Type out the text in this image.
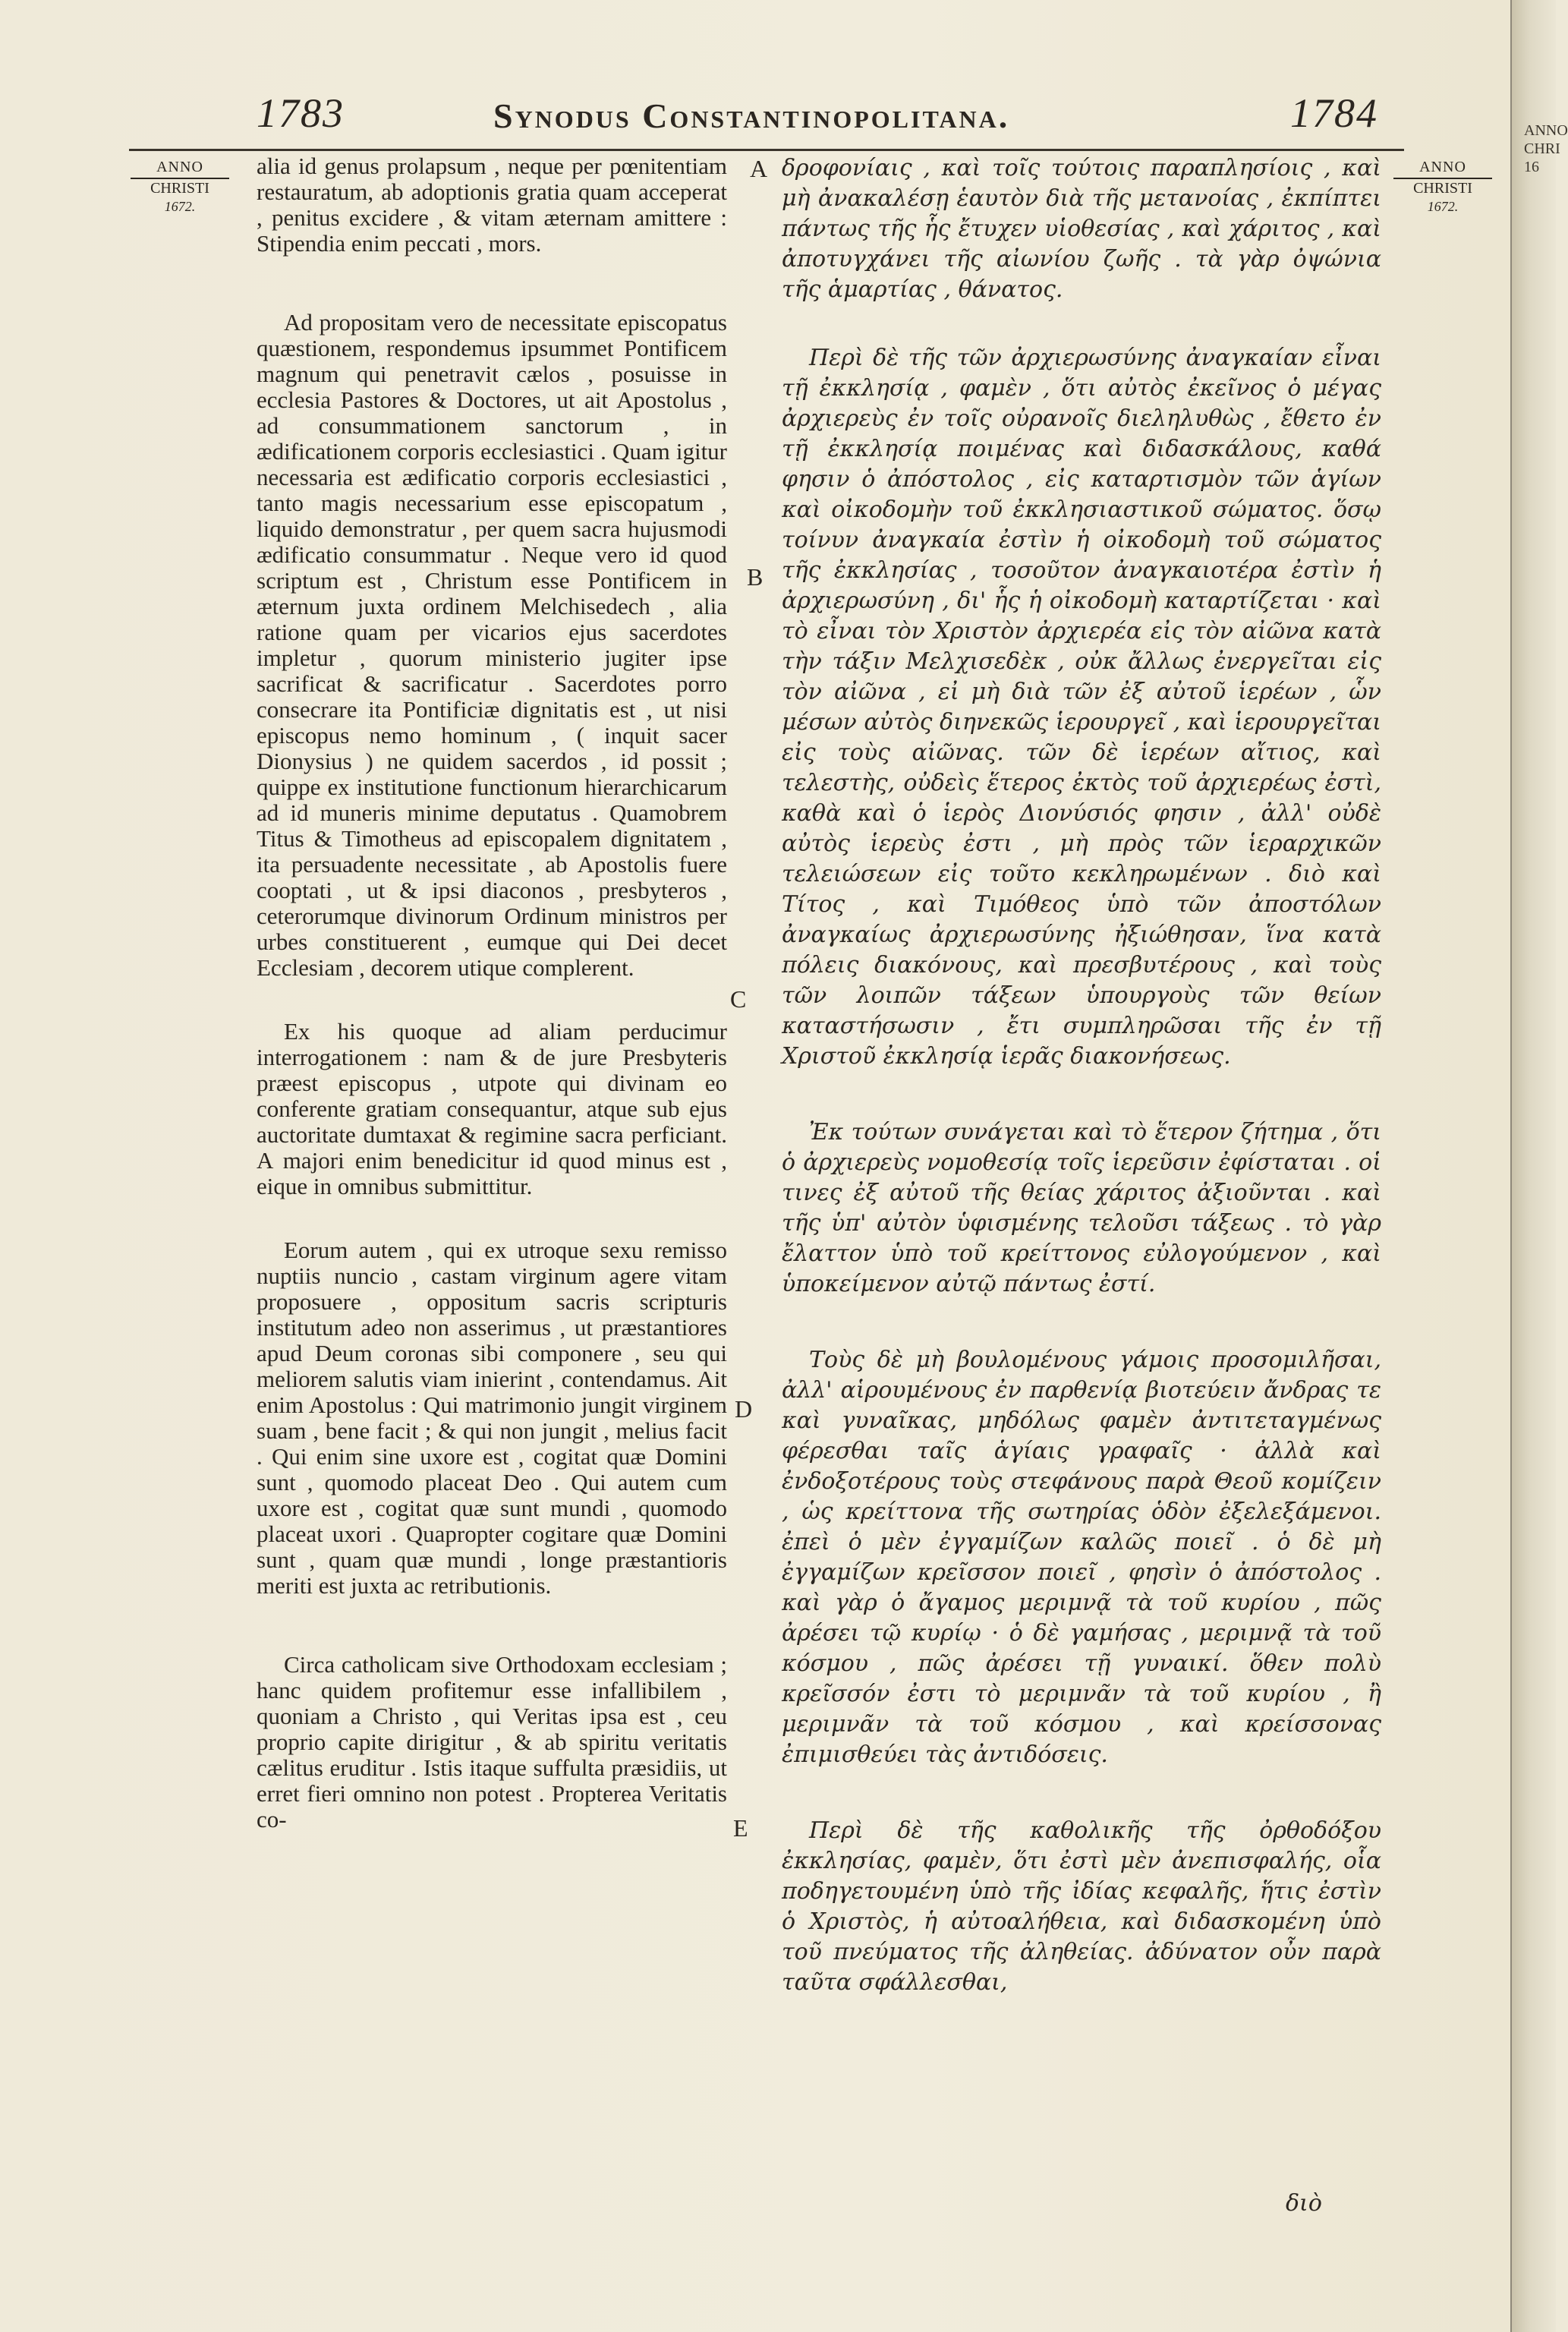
1783	Synodus Constantinopolitana.	1784
ANNO
CHRISTI
1672.
ANNO
CHRISTI
1672.

alia id genus prolapsum , neque per pœnitentiam restauratum, ab adoptionis gratia quam acceperat , penitus excidere , & vitam æternam amittere : Stipendia enim peccati , mors.

Ad propositam vero de necessitate episcopatus quæstionem, respondemus ipsummet Pontificem magnum qui penetravit cælos , posuisse in ecclesia Pastores & Doctores, ut ait Apostolus , ad consummationem sanctorum , in ædificationem corporis ecclesiastici . Quam igitur necessaria est ædificatio corporis ecclesiastici , tanto magis necessarium esse episcopatum , liquido demonstratur , per quem sacra hujusmodi ædificatio consummatur . Neque vero id quod scriptum est , Christum esse Pontificem in æternum juxta ordinem Melchisedech , alia ratione quam per vicarios ejus sacerdotes impletur , quorum ministerio jugiter ipse sacrificat & sacrificatur . Sacerdotes porro consecrare ita Pontificiæ dignitatis est , ut nisi episcopus nemo hominum , ( inquit sacer Dionysius ) ne quidem sacerdos , id possit ; quippe ex institutione functionum hierarchicarum ad id muneris minime deputatus . Quamobrem Titus & Timotheus ad episcopalem dignitatem , ita persuadente necessitate , ab Apostolis fuere cooptati , ut & ipsi diaconos , presbyteros , ceterorumque divinorum Ordinum ministros per urbes constituerent , eumque qui Dei decet Ecclesiam , decorem utique complerent.

Ex his quoque ad aliam perducimur interrogationem : nam & de jure Presbyteris præest episcopus , utpote qui divinam eo conferente gratiam consequantur, atque sub ejus auctoritate dumtaxat & regimine sacra perficiant. A majori enim benedicitur id quod minus est , eique in omnibus submittitur.

Eorum autem , qui ex utroque sexu remisso nuptiis nuncio , castam virginum agere vitam proposuere , oppositum sacris scripturis institutum adeo non asserimus , ut præstantiores apud Deum coronas sibi componere , seu qui meliorem salutis viam inierint , contendamus. Ait enim Apostolus : Qui matrimonio jungit virginem suam , bene facit ; & qui non jungit , melius facit . Qui enim sine uxore est , cogitat quæ Domini sunt , quomodo placeat Deo . Qui autem cum uxore est , cogitat quæ sunt mundi , quomodo placeat uxori . Quapropter cogitare quæ Domini sunt , quam quæ mundi , longe præstantioris meriti est juxta ac retributionis.

Circa catholicam sive Orthodoxam ecclesiam ; hanc quidem profitemur esse infallibilem , quoniam a Christo , qui Veritas ipsa est , ceu proprio capite dirigitur , & ab spiritu veritatis cælitus eruditur . Istis itaque suffulta præsidiis, ut erret fieri omnino non potest . Propterea Veritatis co-

A
B
C
D
E

δροφονίαις , καὶ τοῖς τούτοις παραπλησίοις , καὶ μὴ ἀνακαλέσῃ ἑαυτὸν διὰ τῆς μετανοίας , ἐκπίπτει πάντως τῆς ἧς ἔτυχεν υἱοθεσίας , καὶ χάριτος , καὶ ἀποτυγχάνει τῆς αἰωνίου ζωῆς . τὰ γὰρ ὀψώνια τῆς ἁμαρτίας , θάνατος.

Περὶ δὲ τῆς τῶν ἀρχιερωσύνης ἀναγκαίαν εἶναι τῇ ἐκκλησίᾳ , φαμὲν , ὅτι αὐτὸς ἐκεῖνος ὁ μέγας ἀρχιερεὺς ἐν τοῖς οὐρανοῖς διεληλυθὼς , ἔθετο ἐν τῇ ἐκκλησίᾳ ποιμένας καὶ διδασκάλους, καθά φησιν ὁ ἀπόστολος , εἰς καταρτισμὸν τῶν ἁγίων καὶ οἰκοδομὴν τοῦ ἐκκλησιαστικοῦ σώματος. ὅσῳ τοίνυν ἀναγκαία ἐστὶν ἡ οἰκοδομὴ τοῦ σώματος τῆς ἐκκλησίας , τοσοῦτον ἀναγκαιοτέρα ἐστὶν ἡ ἀρχιερωσύνη , δι' ἧς ἡ οἰκοδομὴ καταρτίζεται · καὶ τὸ εἶναι τὸν Χριστὸν ἀρχιερέα εἰς τὸν αἰῶνα κατὰ τὴν τάξιν Μελχισεδὲκ , οὐκ ἄλλως ἐνεργεῖται εἰς τὸν αἰῶνα , εἰ μὴ διὰ τῶν ἐξ αὐτοῦ ἱερέων , ὧν μέσων αὐτὸς διηνεκῶς ἱερουργεῖ , καὶ ἱερουργεῖται εἰς τοὺς αἰῶνας. τῶν δὲ ἱερέων αἴτιος, καὶ τελεστὴς, οὐδεὶς ἕτερος ἐκτὸς τοῦ ἀρχιερέως ἐστὶ, καθὰ καὶ ὁ ἱερὸς Διονύσιός φησιν , ἀλλ' οὐδὲ αὐτὸς ἱερεὺς ἐστι , μὴ πρὸς τῶν ἱεραρχικῶν τελειώσεων εἰς τοῦτο κεκληρωμένων . διὸ καὶ Τίτος , καὶ Τιμόθεος ὑπὸ τῶν ἀποστόλων ἀναγκαίως ἀρχιερωσύνης ἠξιώθησαν, ἵνα κατὰ πόλεις διακόνους, καὶ πρεσβυτέρους , καὶ τοὺς τῶν λοιπῶν τάξεων ὑπουργοὺς τῶν θείων καταστήσωσιν , ἔτι συμπληρῶσαι τῆς ἐν τῇ Χριστοῦ ἐκκλησίᾳ ἱερᾶς διακονήσεως.

Ἐκ τούτων συνάγεται καὶ τὸ ἕτερον ζήτημα , ὅτι ὁ ἀρχιερεὺς νομοθεσίᾳ τοῖς ἱερεῦσιν ἐφίσταται . οἱ τινες ἐξ αὐτοῦ τῆς θείας χάριτος ἀξιοῦνται . καὶ τῆς ὑπ' αὐτὸν ὑφισμένης τελοῦσι τάξεως . τὸ γὰρ ἔλαττον ὑπὸ τοῦ κρείττονος εὐλογούμενον , καὶ ὑποκείμενον αὐτῷ πάντως ἐστί.

Τοὺς δὲ μὴ βουλομένους γάμοις προσομιλῆσαι, ἀλλ' αἱρουμένους ἐν παρθενίᾳ βιοτεύειν ἄνδρας τε καὶ γυναῖκας, μηδόλως φαμὲν ἀντιτεταγμένως φέρεσθαι ταῖς ἁγίαις γραφαῖς · ἀλλὰ καὶ ἐνδοξοτέρους τοὺς στεφάνους παρὰ Θεοῦ κομίζειν , ὡς κρείττονα τῆς σωτηρίας ὁδὸν ἐξελεξάμενοι. ἐπεὶ ὁ μὲν ἐγγαμίζων καλῶς ποιεῖ . ὁ δὲ μὴ ἐγγαμίζων κρεῖσσον ποιεῖ , φησὶν ὁ ἀπόστολος . καὶ γὰρ ὁ ἄγαμος μεριμνᾷ τὰ τοῦ κυρίου , πῶς ἀρέσει τῷ κυρίῳ · ὁ δὲ γαμήσας , μεριμνᾷ τὰ τοῦ κόσμου , πῶς ἀρέσει τῇ γυναικί. ὅθεν πολὺ κρεῖσσόν ἐστι τὸ μεριμνᾶν τὰ τοῦ κυρίου , ἢ μεριμνᾶν τὰ τοῦ κόσμου , καὶ κρείσσονας ἐπιμισθεύει τὰς ἀντιδόσεις.

Περὶ δὲ τῆς καθολικῆς τῆς ὀρθοδόξου ἐκκλησίας, φαμὲν, ὅτι ἐστὶ μὲν ἀνεπισφαλής, οἷα ποδηγετουμένη ὑπὸ τῆς ἰδίας κεφαλῆς, ἥτις ἐστὶν ὁ Χριστὸς, ἡ αὐτοαλήθεια, καὶ διδασκομένη ὑπὸ τοῦ πνεύματος τῆς ἀληθείας. ἀδύνατον οὖν παρὰ ταῦτα σφάλλεσθαι,

διὸ
ANNO
CHRI
16
